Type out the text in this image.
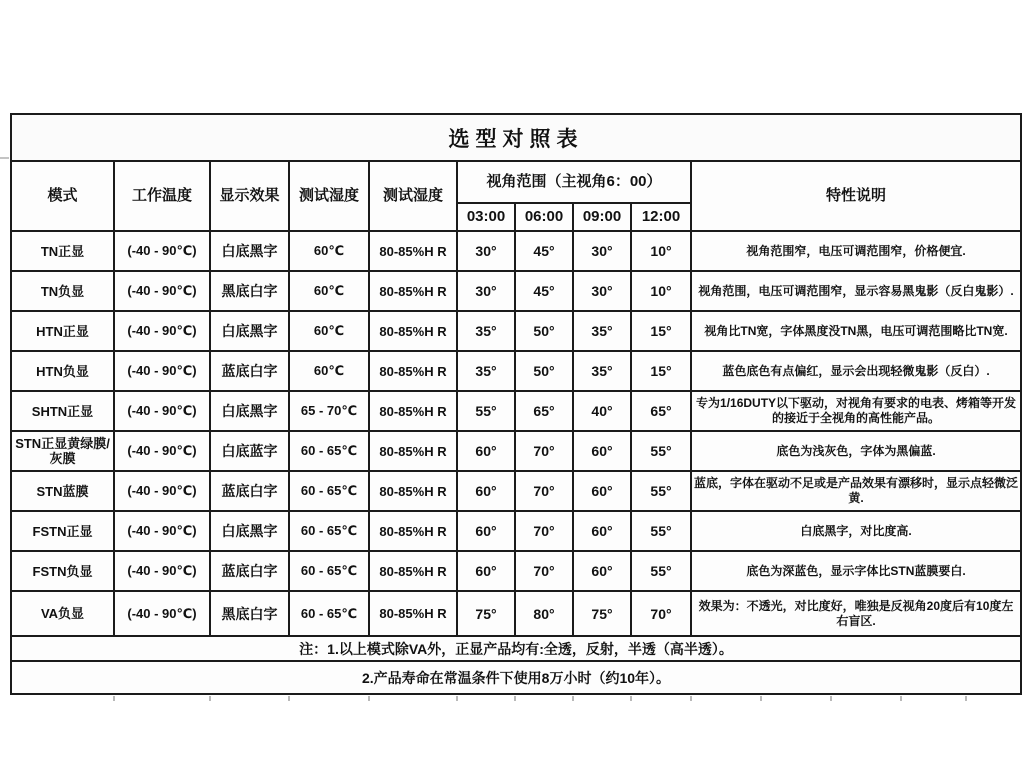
选型对照表									
模式	工作温度	显示效果	测试湿度	测试湿度	视角范围（主视角6：00）				特性说明
					03:00	06:00	09:00	12:00	
TN正显	(-40 - 90℃)	白底黑字	60℃	80-85%H R	30°	45°	30°	10°	视角范围窄，电压可调范围窄，价格便宜.
TN负显	(-40 - 90℃)	黑底白字	60℃	80-85%H R	30°	45°	30°	10°	视角范围，电压可调范围窄，显示容易黑鬼影（反白鬼影）.
HTN正显	(-40 - 90℃)	白底黑字	60℃	80-85%H R	35°	50°	35°	15°	视角比TN宽，字体黑度没TN黑，电压可调范围略比TN宽.
HTN负显	(-40 - 90℃)	蓝底白字	60℃	80-85%H R	35°	50°	35°	15°	蓝色底色有点偏红，显示会出现轻微鬼影（反白）.
SHTN正显	(-40 - 90℃)	白底黑字	65 - 70℃	80-85%H R	55°	65°	40°	65°	专为1/16DUTY以下驱动，对视角有要求的电表、烤箱等开发的接近于全视角的高性能产品。
STN正显黄绿膜/灰膜	(-40 - 90℃)	白底蓝字	60 - 65℃	80-85%H R	60°	70°	60°	55°	底色为浅灰色，字体为黑偏蓝.
STN蓝膜	(-40 - 90℃)	蓝底白字	60 - 65℃	80-85%H R	60°	70°	60°	55°	蓝底，字体在驱动不足或是产品效果有漂移时，显示点轻微泛黄.
FSTN正显	(-40 - 90℃)	白底黑字	60 - 65℃	80-85%H R	60°	70°	60°	55°	白底黑字，对比度高.
FSTN负显	(-40 - 90℃)	蓝底白字	60 - 65℃	80-85%H R	60°	70°	60°	55°	底色为深蓝色，显示字体比STN蓝膜要白.
VA负显	(-40 - 90℃)	黑底白字	60 - 65℃	80-85%H R	75°	80°	75°	70°	效果为：不透光，对比度好，唯独是反视角20度后有10度左右盲区.
注：1.以上模式除VA外，正显产品均有:全透，反射，半透（高半透）。									
2.产品寿命在常温条件下使用8万小时（约10年）。									
